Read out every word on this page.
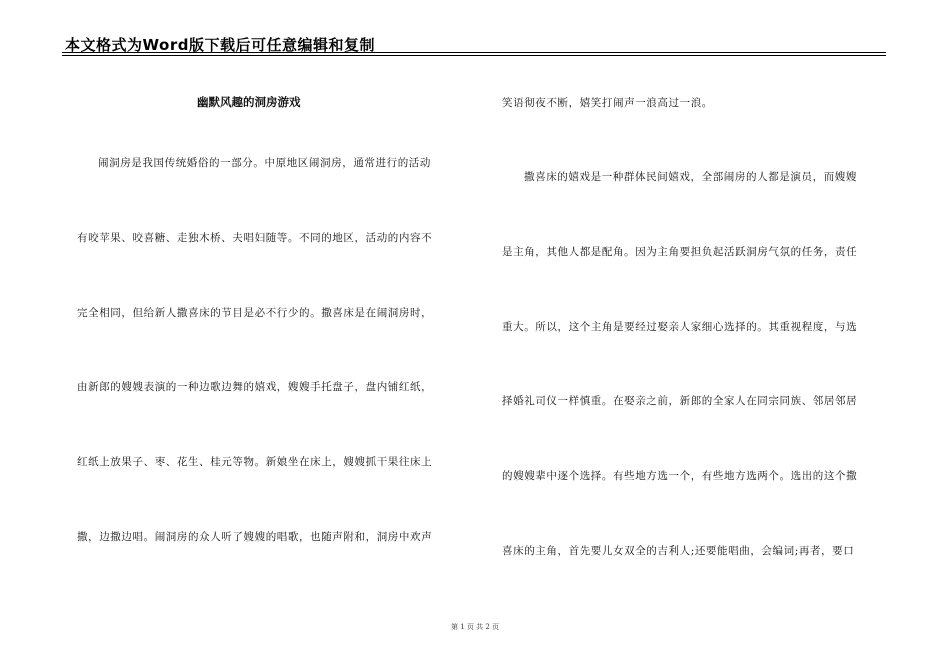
本文格式为Word版下载后可任意编辑和复制
幽默风趣的洞房游戏
闹洞房是我国传统婚俗的一部分。中原地区闹洞房，通常进行的活动
有咬苹果、咬喜糖、走独木桥、夫唱妇随等。不同的地区，活动的内容不
完全相同，但给新人撒喜床的节目是必不行少的。撒喜床是在闹洞房时，
由新郎的嫂嫂表演的一种边歌边舞的嬉戏，嫂嫂手托盘子，盘内铺红纸，
红纸上放果子、枣、花生、桂元等物。新娘坐在床上，嫂嫂抓干果往床上
撒，边撒边唱。闹洞房的众人听了嫂嫂的唱歌，也随声附和，洞房中欢声
笑语彻夜不断，嬉笑打闹声一浪高过一浪。
撒喜床的嬉戏是一种群体民间嬉戏，全部闹房的人都是演员，而嫂嫂
是主角，其他人都是配角。因为主角要担负起活跃洞房气氛的任务，责任
重大。所以，这个主角是要经过娶亲人家细心选择的。其重视程度，与选
择婚礼司仪一样慎重。在娶亲之前，新郎的全家人在同宗同族、邻居邻居
的嫂嫂辈中逐个选择。有些地方选一个，有些地方选两个。选出的这个撒
喜床的主角，首先要儿女双全的吉利人;还要能唱曲，会编词;再者，要口
第 1 页 共 2 页
